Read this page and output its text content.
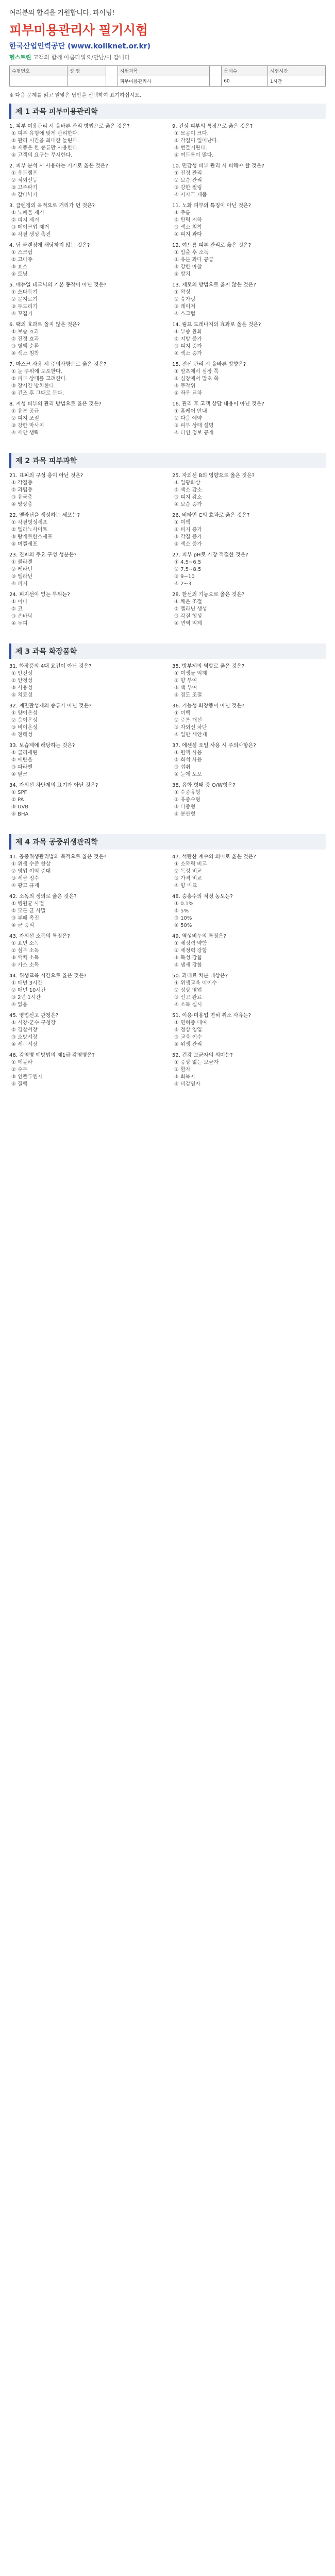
여러분의 합격을 기원합니다. 파이팅!
피부미용관리사 필기시험
한국산업인력공단 (www.koliknet.or.kr)
헬스트린 고객의 함께 아름다워요/만남/이 갑니다
수험번호	성 명		시험과목		문제수	시험시간
			피부미용관리사		60	1시간
※ 다음 문제를 읽고 알맞은 답안을 선택하여 표기하십시오.
제 1 과목 피부미용관리학
1. 피부 미용관리 시 올바른 관리 방법으로 옳은 것은?
① 피부 유형에 맞게 관리한다.
② 관리 시간을 최대한 늘린다.
③ 제품은 한 종류만 사용한다.
④ 고객의 요구는 무시한다.
2. 피부 분석 시 사용하는 기기로 옳은 것은?
① 우드램프
② 적외선등
③ 고주파기
④ 갈바닉기
3. 클렌징의 목적으로 거리가 먼 것은?
① 노폐물 제거
② 피지 제거
③ 메이크업 제거
④ 각질 생성 촉진
4. 딥 클렌징에 해당하지 않는 것은?
① 스크럽
② 고마쥬
③ 효소
④ 토닝
5. 매뉴얼 테크닉의 기본 동작이 아닌 것은?
① 쓰다듬기
② 문지르기
③ 두드리기
④ 꼬집기
6. 팩의 효과로 옳지 않은 것은?
① 보습 효과
② 진정 효과
③ 혈액 순환
④ 색소 침착
7. 마스크 사용 시 주의사항으로 옳은 것은?
① 눈 주위에 도포한다.
② 피부 상태를 고려한다.
③ 장시간 방치한다.
④ 건조 후 그대로 둔다.
8. 지성 피부의 관리 방법으로 옳은 것은?
① 유분 공급
② 피지 조절
③ 강한 마사지
④ 세안 생략
9. 건성 피부의 특징으로 옳은 것은?
① 모공이 크다.
② 각질이 일어난다.
③ 번들거린다.
④ 여드름이 많다.
10. 민감성 피부 관리 시 피해야 할 것은?
① 진정 관리
② 보습 관리
③ 강한 필링
④ 저자극 제품
11. 노화 피부의 특징이 아닌 것은?
① 주름
② 탄력 저하
③ 색소 침착
④ 피지 과다
12. 여드름 피부 관리로 옳은 것은?
① 압출 후 소독
② 유분 과다 공급
③ 강한 마찰
④ 방치
13. 제모의 방법으로 옳지 않은 것은?
① 왁싱
② 슈가링
③ 레이저
④ 스크럽
14. 림프 드레나지의 효과로 옳은 것은?
① 부종 완화
② 지방 증가
③ 피지 증가
④ 색소 증가
15. 전신 관리 시 올바른 방향은?
① 말초에서 심장 쪽
② 심장에서 말초 쪽
③ 무작위
④ 좌우 교차
16. 관리 후 고객 상담 내용이 아닌 것은?
① 홈케어 안내
② 다음 예약
③ 피부 상태 설명
④ 타인 정보 공개
제 2 과목 피부과학
21. 표피의 구성 층이 아닌 것은?
① 각질층
② 과립층
③ 유극층
④ 망상층
22. 멜라닌을 생성하는 세포는?
① 각질형성세포
② 멜라노사이트
③ 랑게르한스세포
④ 머켈세포
23. 진피의 주요 구성 성분은?
① 콜라겐
② 케라틴
③ 멜라닌
④ 피지
24. 피지선이 없는 부위는?
① 이마
② 코
③ 손바닥
④ 두피
25. 자외선 B의 영향으로 옳은 것은?
① 일광화상
② 색소 감소
③ 피지 감소
④ 보습 증가
26. 비타민 C의 효과로 옳은 것은?
① 미백
② 피지 증가
③ 각질 증가
④ 색소 증가
27. 피부 pH로 가장 적절한 것은?
① 4.5~6.5
② 7.5~8.5
③ 9~10
④ 2~3
28. 한선의 기능으로 옳은 것은?
① 체온 조절
② 멜라닌 생성
③ 각질 형성
④ 면역 억제
제 3 과목 화장품학
31. 화장품의 4대 요건이 아닌 것은?
① 안전성
② 안정성
③ 사용성
④ 치료성
32. 계면활성제의 종류가 아닌 것은?
① 양이온성
② 음이온성
③ 비이온성
④ 전해성
33. 보습제에 해당하는 것은?
① 글리세린
② 에탄올
③ 파라벤
④ 탈크
34. 자외선 차단제의 표기가 아닌 것은?
① SPF
② PA
③ UVB
④ BHA
35. 방부제의 역할로 옳은 것은?
① 미생물 억제
② 향 부여
③ 색 부여
④ 점도 조절
36. 기능성 화장품이 아닌 것은?
① 미백
② 주름 개선
③ 자외선 차단
④ 일반 세안제
37. 에센셜 오일 사용 시 주의사항은?
① 원액 사용
② 희석 사용
③ 섭취
④ 눈에 도포
38. 유화 형태 중 O/W형은?
① 수중유형
② 유중수형
③ 다중형
④ 분산형
제 4 과목 공중위생관리학
41. 공중위생관리법의 목적으로 옳은 것은?
① 위생 수준 향상
② 영업 이익 증대
③ 세금 징수
④ 광고 규제
42. 소독의 정의로 옳은 것은?
① 병원균 사멸
② 모든 균 사멸
③ 부패 촉진
④ 균 증식
43. 자외선 소독의 특징은?
① 표면 소독
② 심부 소독
③ 액체 소독
④ 가스 소독
44. 위생교육 시간으로 옳은 것은?
① 매년 3시간
② 매년 10시간
③ 2년 1시간
④ 없음
45. 영업신고 관청은?
① 시장·군수·구청장
② 경찰서장
③ 소방서장
④ 세무서장
46. 감염병 예방법의 제1급 감염병은?
① 에볼라
② 수두
③ 인플루엔자
④ 결핵
47. 석탄산 계수의 의미로 옳은 것은?
① 소독력 비교
② 독성 비교
③ 가격 비교
④ 향 비교
48. 승홍수의 적정 농도는?
① 0.1%
② 5%
③ 10%
④ 50%
49. 역성비누의 특징은?
① 세정력 약함
② 세정력 강함
③ 독성 강함
④ 냄새 강함
50. 과태료 처분 대상은?
① 위생교육 미이수
② 정상 영업
③ 신고 완료
④ 소독 실시
51. 이용·미용업 면허 취소 사유는?
① 면허증 대여
② 정상 영업
③ 교육 이수
④ 위생 관리
52. 건강 보균자의 의미는?
① 증상 없는 보균자
② 환자
③ 회복자
④ 비감염자
